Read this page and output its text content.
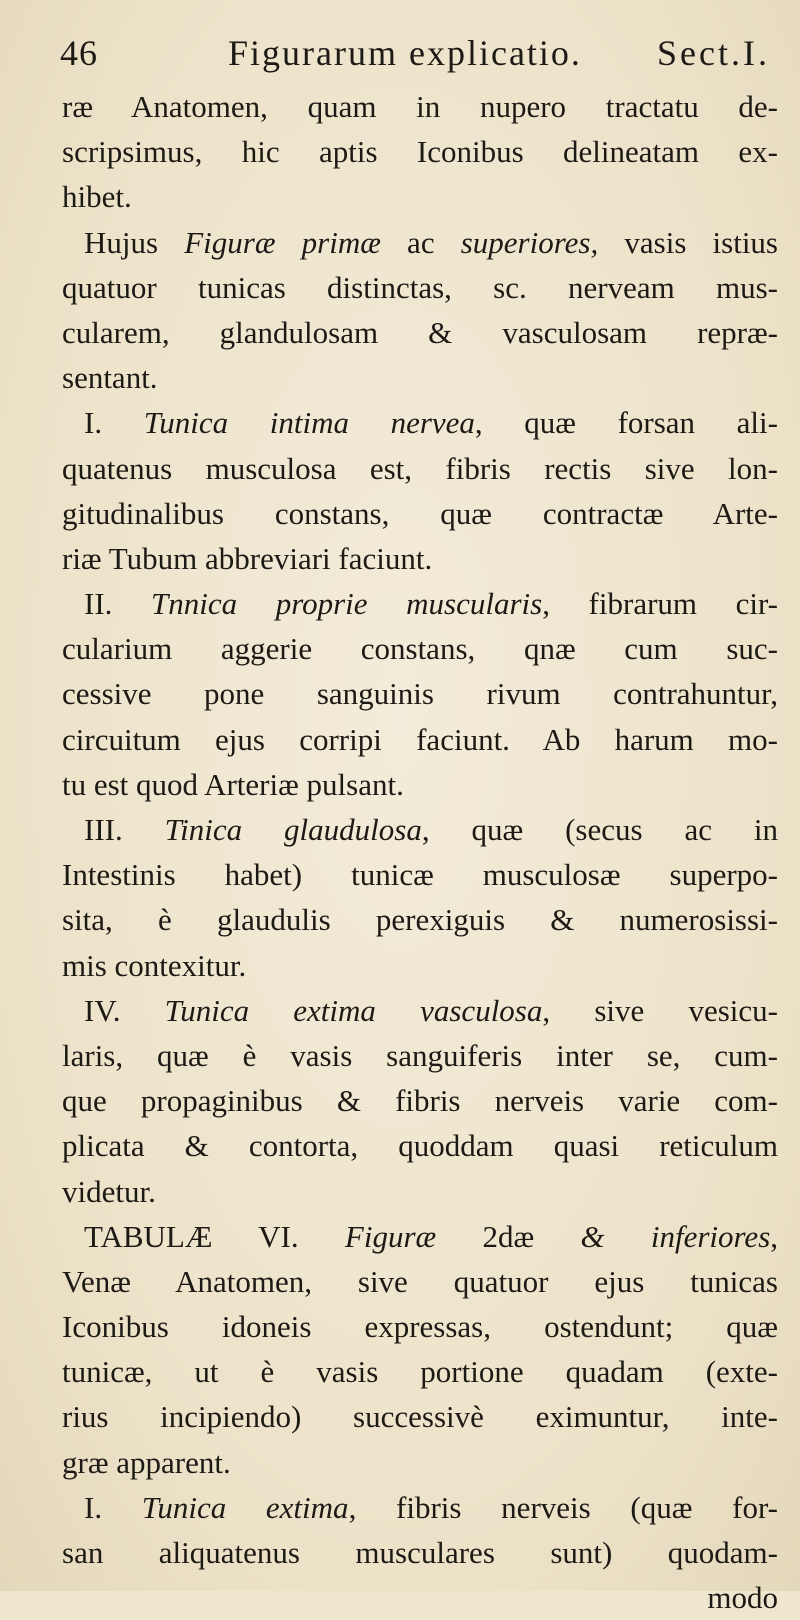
46	Figurarum explicatio. Sect.I.
ræ Anatomen, quam in nupero tractatu de-
scripsimus, hic aptis Iconibus delineatam ex-
hibet.
Hujus Figuræ primæ ac superiores, vasis istius
quatuor tunicas distinctas, sc. nerveam mus-
cularem, glandulosam & vasculosam repræ-
sentant.
I. Tunica intima nervea, quæ forsan ali-
quatenus musculosa est, fibris rectis sive lon-
gitudinalibus constans, quæ contractæ Arte-
riæ Tubum abbreviari faciunt.
II. Tnnica proprie muscularis, fibrarum cir-
cularium aggerie constans, qnæ cum suc-
cessive pone sanguinis rivum contrahuntur,
circuitum ejus corripi faciunt. Ab harum mo-
tu est quod Arteriæ pulsant.
III. Tinica glaudulosa, quæ (secus ac in
Intestinis habet) tunicæ musculosæ superpo-
sita, è glaudulis perexiguis & numerosissi-
mis contexitur.
IV. Tunica extima vasculosa, sive vesicu-
laris, quæ è vasis sanguiferis inter se, cum-
que propaginibus & fibris nerveis varie com-
plicata & contorta, quoddam quasi reticulum
videtur.
TABULÆ VI. Figuræ 2dæ & inferiores,
Venæ Anatomen, sive quatuor ejus tunicas
Iconibus idoneis expressas, ostendunt; quæ
tunicæ, ut è vasis portione quadam (exte-
rius incipiendo) successivè eximuntur, inte-
græ apparent.
I. Tunica extima, fibris nerveis (quæ for-
san aliquatenus musculares sunt) quodam-
modo
